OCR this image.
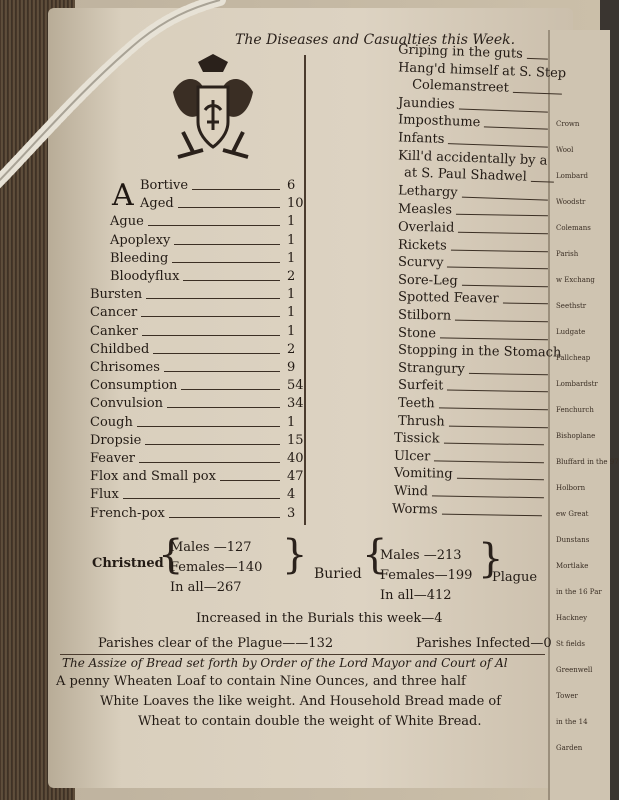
Crown
Wool
Lombard
Woodstr
Colemans
Parish
w Exchang
Seethstr
Ludgate
Fallcheap
Lombardstr
Fenchurch
Bishoplane
Bluffard in the 97
Holborn
ew Great
Dunstans
Mortlake
in the 16 Par
Hackney
St fields
Greenwell
Tower
in the 14
Garden
The Diseases and Casualties this Week.
A Bortive	6
Aged	10
Ague	1
Apoplexy	1
Bleeding	1
Bloodyflux	2
Bursten	1
Cancer	1
Canker	1
Childbed	2
Chrisomes	9
Consumption	54
Convulsion	34
Cough	1
Dropsie	15
Feaver	40
Flox and Small pox	47
Flux	4
French-pox	3
Griping in the guts
Hang'd himself at S. Step
Colemanstreet
Jaundies
Imposthume
Infants
Kill'd accidentally by a
at S. Paul Shadwel
Lethargy
Measles
Overlaid
Rickets
Scurvy
Sore-Leg
Spotted Feaver
Stilborn
Stone
Stopping in the Stomach
Strangury
Surfeit
Teeth
Thrush
Tissick
Ulcer
Vomiting
Wind
Worms
Christned
{
Males —127
Females—140
In all—267
} Buried {
Males —213
Females—199
In all—412
}
Plague
Increased in the Burials this week—4
Parishes clear of the Plague——132	Parishes Infected—0
The Assize of Bread set forth by Order of the Lord Mayor and Court of Al
A penny Wheaten Loaf to contain Nine Ounces, and three half
White Loaves the like weight. And Household Bread made of
Wheat to contain double the weight of White Bread.
